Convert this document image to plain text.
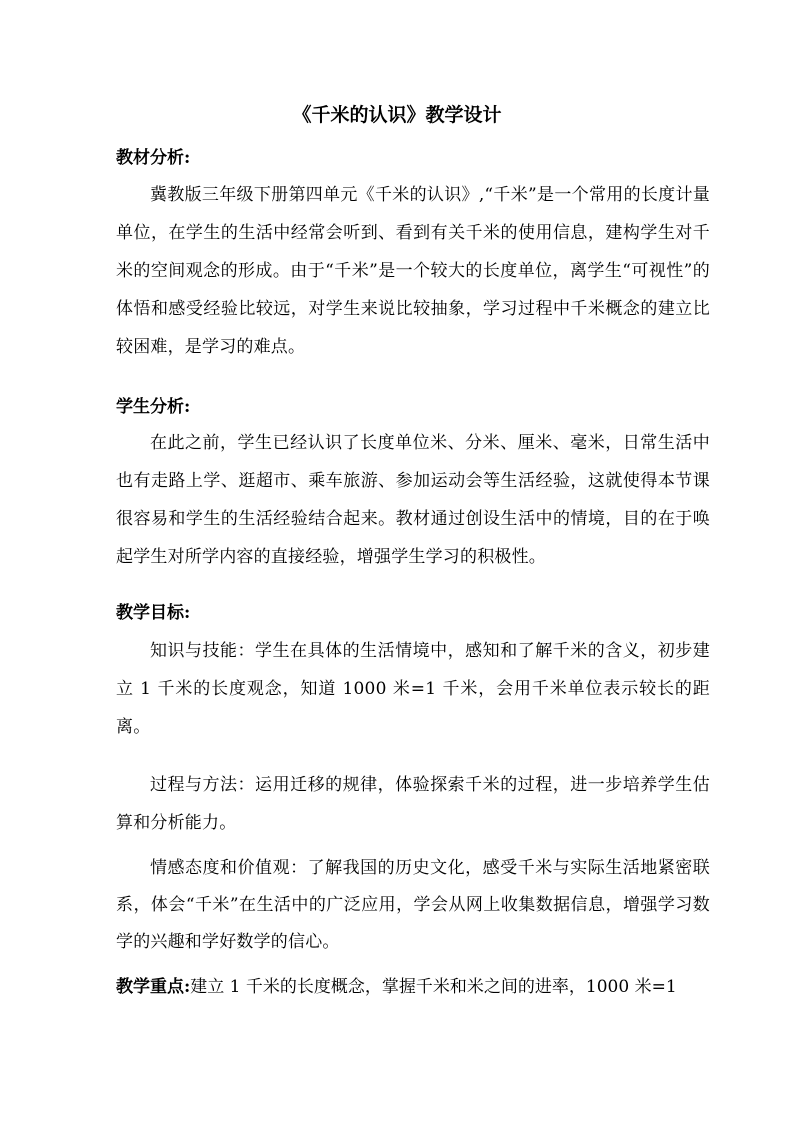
《千米的认识》教学设计
教材分析:
冀教版三年级下册第四单元《千米的认识》,“千米”是一个常用的长度计量单位，在学生的生活中经常会听到、看到有关千米的使用信息，建构学生对千米的空间观念的形成。由于“千米”是一个较大的长度单位，离学生“可视性”的体悟和感受经验比较远，对学生来说比较抽象，学习过程中千米概念的建立比较困难，是学习的难点。
学生分析:
在此之前，学生已经认识了长度单位米、分米、厘米、毫米，日常生活中也有走路上学、逛超市、乘车旅游、参加运动会等生活经验，这就使得本节课很容易和学生的生活经验结合起来。教材通过创设生活中的情境，目的在于唤起学生对所学内容的直接经验，增强学生学习的积极性。
教学目标:
知识与技能：学生在具体的生活情境中，感知和了解千米的含义，初步建立 1 千米的长度观念，知道 1000 米=1 千米，会用千米单位表示较长的距离。
过程与方法：运用迁移的规律，体验探索千米的过程，进一步培养学生估算和分析能力。
情感态度和价值观：了解我国的历史文化，感受千米与实际生活地紧密联系，体会“千米”在生活中的广泛应用，学会从网上收集数据信息，增强学习数学的兴趣和学好数学的信心。
教学重点:建立 1 千米的长度概念，掌握千米和米之间的进率，1000 米=1
